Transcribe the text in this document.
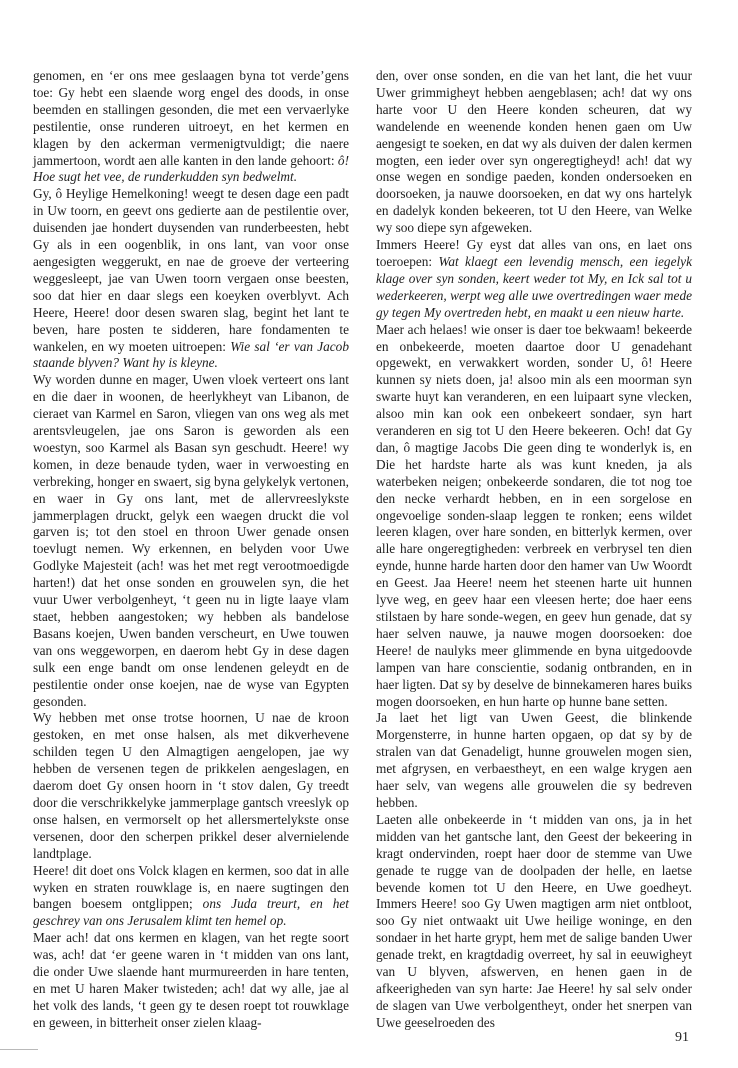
genomen, en ‘er ons mee geslaagen byna tot verde’gens toe: Gy hebt een slaende worg engel des doods, in onse beemden en stallingen gesonden, die met een vervaerlyke pestilentie, onse runderen uitroeyt, en het kermen en klagen by den ackerman vermenigtvuldigt; die naere jammertoon, wordt aen alle kanten in den lande gehoort: ô! Hoe sugt het vee, de runderkudden syn bedwelmt.

Gy, ô Heylige Hemelkoning! weegt te desen dage een padt in Uw toorn, en geevt ons gedierte aan de pestilentie over, duisenden jae hondert duysenden van runderbeesten, hebt Gy als in een oogenblik, in ons lant, van voor onse aengesigten weggerukt, en nae de groeve der verteering weggesleept, jae van Uwen toorn vergaen onse beesten, soo dat hier en daar slegs een koeyken overblyvt. Ach Heere, Heere! door desen swaren slag, begint het lant te beven, hare posten te sidderen, hare fondamenten te wankelen, en wy moeten uitroepen: Wie sal ‘er van Jacob staande blyven? Want hy is kleyne.

Wy worden dunne en mager, Uwen vloek verteert ons lant en die daer in woonen, de heerlykheyt van Libanon, de cieraet van Karmel en Saron, vliegen van ons weg als met arentsvleugelen, jae ons Saron is geworden als een woestyn, soo Karmel als Basan syn geschudt. Heere! wy komen, in deze benaude tyden, waer in verwoesting en verbreking, honger en swaert, sig byna gelykelyk vertonen, en waer in Gy ons lant, met de allervreeslykste jammerplagen druckt, gelyk een waegen druckt die vol garven is; tot den stoel en throon Uwer genade onsen toevlugt nemen. Wy erkennen, en belyden voor Uwe Godlyke Majesteit (ach! was het met regt verootmoedigde harten!) dat het onse sonden en grouwelen syn, die het vuur Uwer verbolgenheyt, ‘t geen nu in ligte laaye vlam staet, hebben aangestoken; wy hebben als bandelose Basans koejen, Uwen banden verscheurt, en Uwe touwen van ons weggeworpen, en daerom hebt Gy in dese dagen sulk een enge bandt om onse lendenen geleydt en de pestilentie onder onse koejen, nae de wyse van Egypten gesonden.

Wy hebben met onse trotse hoornen, U nae de kroon gestoken, en met onse halsen, als met dikverhevene schilden tegen U den Almagtigen aengelopen, jae wy hebben de versenen tegen de prikkelen aengeslagen, en daerom doet Gy onsen hoorn in ‘t stov dalen, Gy treedt door die verschrikkelyke jammerplage gantsch vreeslyk op onse halsen, en vermorselt op het allersmertelykste onse versenen, door den scherpen prikkel deser alvernielende landtplage.

Heere! dit doet ons Volck klagen en kermen, soo dat in alle wyken en straten rouwklage is, en naere sugtingen den bangen boesem ontglippen; ons Juda treurt, en het geschrey van ons Jerusalem klimt ten hemel op.

Maer ach! dat ons kermen en klagen, van het regte soort was, ach! dat ‘er geene waren in ‘t midden van ons lant, die onder Uwe slaende hant murmureerden in hare tenten, en met U haren Maker twisteden; ach! dat wy alle, jae al het volk des lands, ‘t geen gy te desen roept tot rouwklage en geween, in bitterheit onser zielen klaag-

den, over onse sonden, en die van het lant, die het vuur Uwer grimmigheyt hebben aengeblasen; ach! dat wy ons harte voor U den Heere konden scheuren, dat wy wandelende en weenende konden henen gaen om Uw aengesigt te soeken, en dat wy als duiven der dalen kermen mogten, een ieder over syn ongeregtigheyd! ach! dat wy onse wegen en sondige paeden, konden ondersoeken en doorsoeken, ja nauwe doorsoeken, en dat wy ons hartelyk en dadelyk konden bekeeren, tot U den Heere, van Welke wy soo diepe syn afgeweken.

Immers Heere! Gy eyst dat alles van ons, en laet ons toeroepen: Wat klaegt een levendig mensch, een iegelyk klage over syn sonden, keert weder tot My, en Ick sal tot u wederkeeren, werpt weg alle uwe overtredingen waer mede gy tegen My overtreden hebt, en maakt u een nieuw harte.

Maer ach helaes! wie onser is daer toe bekwaam! bekeerde en onbekeerde, moeten daartoe door U genadehant opgewekt, en verwakkert worden, sonder U, ô! Heere kunnen sy niets doen, ja! alsoo min als een moorman syn swarte huyt kan veranderen, en een luipaart syne vlecken, alsoo min kan ook een onbekeert sondaer, syn hart veranderen en sig tot U den Heere bekeeren. Och! dat Gy dan, ô magtige Jacobs Die geen ding te wonderlyk is, en Die het hardste harte als was kunt kneden, ja als waterbeken neigen; onbekeerde sondaren, die tot nog toe den necke verhardt hebben, en in een sorgelose en ongevoelige sonden-slaap leggen te ronken; eens wildet leeren klagen, over hare sonden, en bitterlyk kermen, over alle hare ongeregtigheden: verbreek en verbrysel ten dien eynde, hunne harde harten door den hamer van Uw Woordt en Geest. Jaa Heere! neem het steenen harte uit hunnen lyve weg, en geev haar een vleesen herte; doe haer eens stilstaen by hare sonde-wegen, en geev hun genade, dat sy haer selven nauwe, ja nauwe mogen doorsoeken: doe Heere! de naulyks meer glimmende en byna uitgedoovde lampen van hare conscientie, sodanig ontbranden, en in haer ligten. Dat sy by deselve de binnekameren hares buiks mogen doorsoeken, en hun harte op hunne bane setten.

Ja laet het ligt van Uwen Geest, die blinkende Morgensterre, in hunne harten opgaen, op dat sy by de stralen van dat Genadeligt, hunne grouwelen mogen sien, met afgrysen, en verbaestheyt, en een walge krygen aen haer selv, van wegens alle grouwelen die sy bedreven hebben.

Laeten alle onbekeerde in ‘t midden van ons, ja in het midden van het gantsche lant, den Geest der bekeering in kragt ondervinden, roept haer door de stemme van Uwe genade te rugge van de doolpaden der helle, en laetse bevende komen tot U den Heere, en Uwe goedheyt. Immers Heere! soo Gy Uwen magtigen arm niet ontbloot, soo Gy niet ontwaakt uit Uwe heilige woninge, en den sondaer in het harte grypt, hem met de salige banden Uwer genade trekt, en kragtdadig overreet, hy sal in eeuwigheyt van U blyven, afswerven, en henen gaen in de afkeerigheden van syn harte: Jae Heere! hy sal selv onder de slagen van Uwe verbolgentheyt, onder het snerpen van Uwe geeselroeden des

91
